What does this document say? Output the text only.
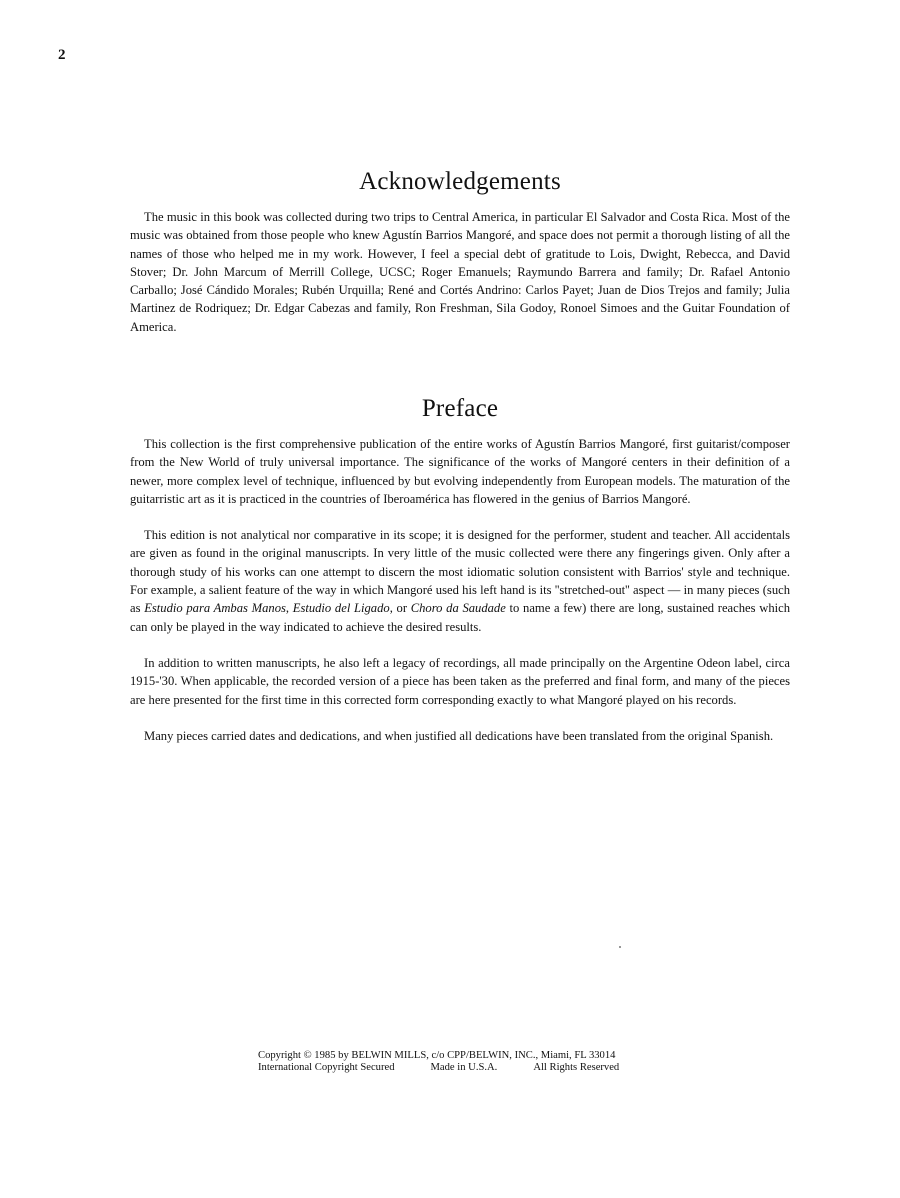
2
Acknowledgements

The music in this book was collected during two trips to Central America, in particular El Salvador and Costa Rica. Most of the music was obtained from those people who knew Agustín Barrios Mangoré, and space does not permit a thorough listing of all the names of those who helped me in my work. However, I feel a special debt of gratitude to Lois, Dwight, Rebecca, and David Stover; Dr. John Marcum of Merrill College, UCSC; Roger Emanuels; Raymundo Barrera and family; Dr. Rafael Antonio Carballo; José Cándido Morales; Rubén Urquilla; René and Cortés Andrino: Carlos Payet; Juan de Dios Trejos and family; Julia Martinez de Rodriquez; Dr. Edgar Cabezas and family, Ron Freshman, Sila Godoy, Ronoel Simoes and the Guitar Foundation of America.

Preface

This collection is the first comprehensive publication of the entire works of Agustín Barrios Mangoré, first guitarist/composer from the New World of truly universal importance. The significance of the works of Mangoré centers in their definition of a newer, more complex level of technique, influenced by but evolving independently from European models. The maturation of the guitarristic art as it is practiced in the countries of Iberoamérica has flowered in the genius of Barrios Mangoré.

This edition is not analytical nor comparative in its scope; it is designed for the performer, student and teacher. All accidentals are given as found in the original manuscripts. In very little of the music collected were there any fingerings given. Only after a thorough study of his works can one attempt to discern the most idiomatic solution consistent with Barrios' style and technique. For example, a salient feature of the way in which Mangoré used his left hand is its ''stretched-out'' aspect — in many pieces (such as Estudio para Ambas Manos, Estudio del Ligado, or Choro da Saudade to name a few) there are long, sustained reaches which can only be played in the way indicated to achieve the desired results.

In addition to written manuscripts, he also left a legacy of recordings, all made principally on the Argentine Odeon label, circa 1915-'30. When applicable, the recorded version of a piece has been taken as the preferred and final form, and many of the pieces are here presented for the first time in this corrected form corresponding exactly to what Mangoré played on his records.

Many pieces carried dates and dedications, and when justified all dedications have been translated from the original Spanish.

Copyright © 1985 by BELWIN MILLS, c/o CPP/BELWIN, INC., Miami, FL 33014
International Copyright Secured	Made in U.S.A.	All Rights Reserved
